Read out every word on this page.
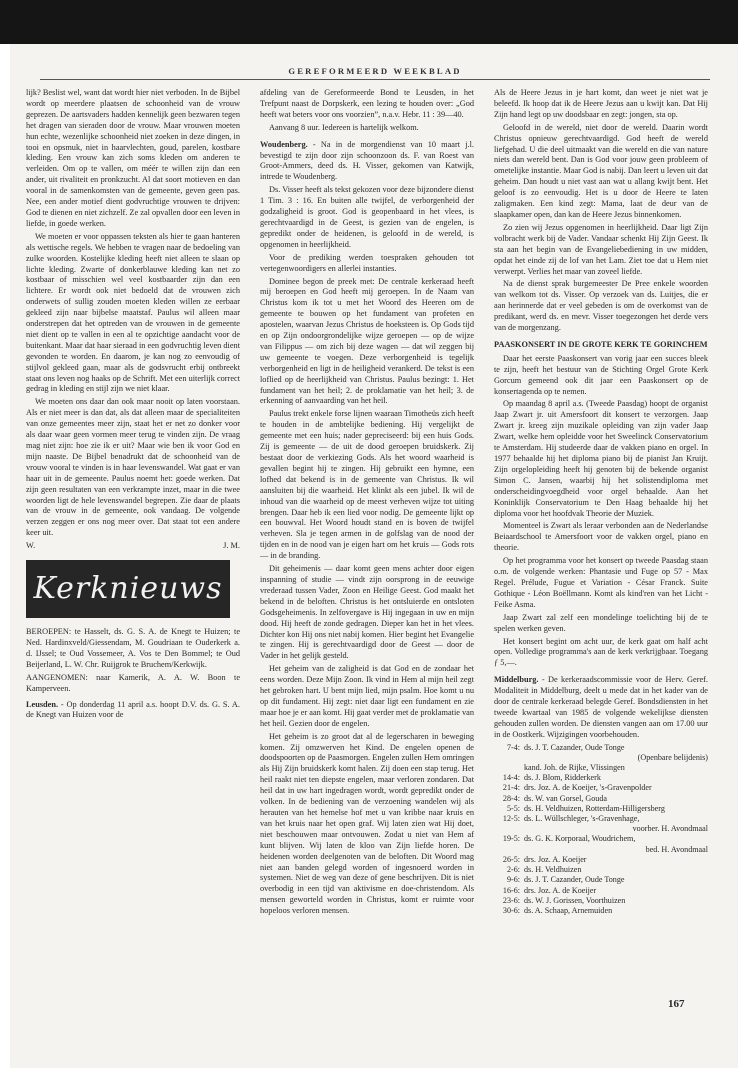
GEREFORMEERD WEEKBLAD

lijk? Beslist wel, want dat wordt hier niet verboden. In de Bijbel wordt op meerdere plaatsen de schoonheid van de vrouw geprezen. De aartsvaders hadden kennelijk geen bezwaren tegen het dragen van sieraden door de vrouw. Maar vrouwen moeten hun echte, wezenlijke schoonheid niet zoeken in deze dingen, in tooi en opsmuk, niet in haarvlechten, goud, parelen, kostbare kleding. Een vrouw kan zich soms kleden om anderen te verleiden. Om op te vallen, om méér te willen zijn dan een ander, uit rivaliteit en pronkzucht. Al dat soort motieven en dan vooral in de samenkomsten van de gemeente, geven geen pas. Nee, een ander motief dient godvruchtige vrouwen te drijven: God te dienen en niet zichzelf. Ze zal opvallen door een leven in liefde, in goede werken.

We moeten er voor oppassen teksten als hier te gaan hanteren als wettische regels. We hebben te vragen naar de bedoeling van zulke woorden. Kostelijke kleding heeft niet alleen te slaan op lichte kleding. Zwarte of donkerblauwe kleding kan net zo kostbaar of misschien wel veel kostbaarder zijn dan een lichtere. Er wordt ook niet bedoeld dat de vrouwen zich onderwets of sullig zouden moeten kleden willen ze eerbaar gekleed zijn naar bijbelse maatstaf. Paulus wil alleen maar onderstrepen dat het optreden van de vrouwen in de gemeente niet dient op te vallen in een al te opzichtige aandacht voor de buitenkant. Maar dat haar sieraad in een godvruchtig leven dient gevonden te worden. En daarom, je kan nog zo eenvoudig of stijlvol gekleed gaan, maar als de godsvrucht erbij ontbreekt staat ons leven nog haaks op de Schrift. Met een uiterlijk correct gedrag in kleding en stijl zijn we niet klaar.

We moeten ons daar dan ook maar nooit op laten voorstaan. Als er niet meer is dan dat, als dat alleen maar de specialiteiten van onze gemeentes meer zijn, staat het er net zo donker voor als daar waar geen vormen meer terug te vinden zijn. De vraag mag niet zijn: hoe zie ik er uit? Maar wie ben ik voor God en mijn naaste. De Bijbel benadrukt dat de schoonheid van de vrouw vooral te vinden is in haar levenswandel. Wat gaat er van haar uit in de gemeente. Paulus noemt het: goede werken. Dat zijn geen resultaten van een verkrampte inzet, maar in die twee woorden ligt de hele levenswandel begrepen. Zie daar de plaats van de vrouw in de gemeente, ook vandaag. De volgende verzen zeggen er ons nog meer over. Dat staat tot een andere keer uit.

W.	J. M.
Kerknieuws

BEROEPEN: te Hasselt, ds. G. S. A. de Knegt te Huizen; te Ned. Hardinxveld/Giessendam, M. Goudriaan te Ouderkerk a. d. IJssel; te Oud Vossemeer, A. Vos te Den Bommel; te Oud Beijerland, L. W. Chr. Ruijgrok te Bruchem/Kerkwijk.

AANGENOMEN: naar Kamerik, A. A. W. Boon te Kamperveen.

Leusden. - Op donderdag 11 april a.s. hoopt D.V. ds. G. S. A. de Knegt van Huizen voor de

afdeling van de Gereformeerde Bond te Leusden, in het Trefpunt naast de Dorpskerk, een lezing te houden over: „God heeft wat beters voor ons voorzien”, n.a.v. Hebr. 11 : 39—40.

Aanvang 8 uur. Iedereen is hartelijk welkom.

Woudenberg. - Na in de morgendienst van 10 maart j.l. bevestigd te zijn door zijn schoonzoon ds. F. van Roest van Groot-Ammers, deed ds. H. Visser, gekomen van Katwijk, intrede te Woudenberg.

Ds. Visser heeft als tekst gekozen voor deze bijzondere dienst 1 Tim. 3 : 16. En buiten alle twijfel, de verborgenheid der godzaligheid is groot. God is geopenbaard in het vlees, is gerechtvaardigd in de Geest, is gezien van de engelen, is gepredikt onder de heidenen, is geloofd in de wereld, is opgenomen in heerlijkheid.

Voor de prediking werden toespraken gehouden tot vertegenwoordigers en allerlei instanties.

Dominee begon de preek met: De centrale kerkeraad heeft mij beroepen en God heeft mij geroepen. In de Naam van Christus kom ik tot u met het Woord des Heeren om de gemeente te bouwen op het fundament van profeten en apostelen, waarvan Jezus Christus de hoeksteen is. Op Gods tijd en op Zijn ondoorgrondelijke wijze geroepen — op de wijze van Filippus — om zich bij deze wagen — dat wil zeggen bij uw gemeente te voegen. Deze verborgenheid is tegelijk verborgenheid en ligt in de heiligheid verankerd. De tekst is een loflied op de heerlijkheid van Christus. Paulus bezingt: 1. Het fundament van het heil; 2. de proklamatie van het heil; 3. de erkenning of aanvaarding van het heil.

Paulus trekt enkele forse lijnen waaraan Timotheüs zich heeft te houden in de ambtelijke bediening. Hij vergelijkt de gemeente met een huis; nader gepreciseerd: bij een huis Gods. Zij is gemeente — de uit de dood geroepen bruidskerk. Zij bestaat door de verkiezing Gods. Als het woord waarheid is gevallen begint hij te zingen. Hij gebruikt een hymne, een lofhed dat bekend is in de gemeente van Christus. Ik wil aansluiten bij die waarheid. Het klinkt als een jubel. Ik wil de inhoud van die waarheid op de meest verheven wijze tot uiting brengen. Daar heb ik een lied voor nodig. De gemeente lijkt op een bouwval. Het Woord houdt stand en is boven de twijfel verheven. Sla je tegen armen in de golfslag van de nood der tijden en in de nood van je eigen hart om het kruis — Gods rots — in de branding.

Dit geheimenis — daar komt geen mens achter door eigen inspanning of studie — vindt zijn oorsprong in de eeuwige vrederaad tussen Vader, Zoon en Heilige Geest. God maakt het bekend in de beloften. Christus is het ontsluierde en ontsloten Godsgeheimenis. In zelfovergave is Hij ingegaan in uw en mijn dood. Hij heeft de zonde gedragen. Dieper kan het in het vlees. Dichter kon Hij ons niet nabij komen. Hier begint het Evangelie te zingen. Hij is gerechtvaardigd door de Geest — door de Vader in het gelijk gesteld.

Het geheim van de zaligheid is dat God en de zondaar het eens worden. Deze Mijn Zoon. Ik vind in Hem al mijn heil zegt het gebroken hart. U bent mijn lied, mijn psalm. Hoe komt u nu op dit fundament. Hij zegt: niet daar ligt een fundament en zie maar hoe je er aan komt. Hij gaat verder met de proklamatie van het heil. Gezien door de engelen.

Het geheim is zo groot dat al de legerscharen in beweging komen. Zij omzwerven het Kind. De engelen openen de doodspoorten op de Paasmorgen. Engelen zullen Hem omringen als Hij Zijn bruidskerk komt halen. Zij doen een stap terug. Het heil raakt niet ten diepste engelen, maar verloren zondaren. Dat heil dat in uw hart ingedragen wordt, wordt gepredikt onder de volken. In de bediening van de verzoening wandelen wij als herauten van het hemelse hof met u van kribbe naar kruis en van het kruis naar het open graf. Wij laten zien wat Hij doet, niet beschouwen maar ontvouwen. Zodat u niet van Hem af kunt blijven. Wij laten de kloo van Zijn liefde horen. De heidenen worden deelgenoten van de beloften. Dit Woord mag niet aan banden gelegd worden of ingesnoerd worden in systemen. Niet de weg van deze of gene beschrijven. Dit is niet overbodig in een tijd van aktivisme en doe-christendom. Als mensen geworteld worden in Christus, komt er ruimte voor hopeloos verloren mensen.

Als de Heere Jezus in je hart komt, dan weet je niet wat je beleefd. Ik hoop dat ik de Heere Jezus aan u kwijt kan. Dat Hij Zijn hand legt op uw doodsbaar en zegt: jongen, sta op.

Geloofd in de wereld, niet door de wereld. Daarin wordt Christus opnieuw gerechtvaardigd. God heeft de wereld liefgehad. U die deel uitmaakt van die wereld en die van nature niets dan wereld bent. Dan is God voor jouw geen probleem of ometelijke instantie. Maar God is nabij. Dan leert u leven uit dat geheim. Dan houdt u niet vast aan wat u allang kwijt bent. Het geloof is zo eenvoudig. Het is u door de Heere te laten zaligmaken. Een kind zegt: Mama, laat de deur van de slaapkamer open, dan kan de Heere Jezus binnenkomen.

Zo zien wij Jezus opgenomen in heerlijkheid. Daar ligt Zijn volbracht werk bij de Vader. Vandaar schenkt Hij Zijn Geest. Ik sta aan het begin van de Evangeliebediening in uw midden, opdat het einde zij de lof van het Lam. Ziet toe dat u Hem niet verwerpt. Verlies het maar van zoveel liefde.

Na de dienst sprak burgemeester De Pree enkele woorden van welkom tot ds. Visser. Op verzoek van ds. Luitjes, die er aan herinnerde dat er veel gebeden is om de overkomst van de predikant, werd ds. en mevr. Visser toegezongen het derde vers van de morgenzang.

PAASKONSERT IN DE GROTE KERK TE GORINCHEM

Daar het eerste Paaskonsert van vorig jaar een succes bleek te zijn, heeft het bestuur van de Stichting Orgel Grote Kerk Gorcum gemeend ook dit jaar een Paaskonsert op de konsertagenda op te nemen.

Op maandag 8 april a.s. (Tweede Paasdag) hoopt de organist Jaap Zwart jr. uit Amersfoort dit konsert te verzorgen. Jaap Zwart jr. kreeg zijn muzikale opleiding van zijn vader Jaap Zwart, welke hem opleidde voor het Sweelinck Conservatorium te Amsterdam. Hij studeerde daar de vakken piano en orgel. In 1977 behaalde hij het diploma piano bij de pianist Jan Kruijt. Zijn orgelopleiding heeft hij genoten bij de bekende organist Simon C. Jansen, waarbij hij het solistendiploma met onderscheidingvoegdheid voor orgel behaalde. Aan het Koninklijk Conservatorium te Den Haag behaalde hij het diploma voor het hoofdvak Theorie der Muziek.

Momenteel is Zwart als leraar verbonden aan de Nederlandse Beiaardschool te Amersfoort voor de vakken orgel, piano en theorie.

Op het programma voor het konsert op tweede Paasdag staan o.m. de volgende werken: Phantasie und Fuge op 57 - Max Regel. Prélude, Fugue et Variation - César Franck. Suite Gothique - Léon Boëllmann. Komt als kind'ren van het Licht - Feike Asma.

Jaap Zwart zal zelf een mondelinge toelichting bij de te spelen werken geven.

Het konsert begint om acht uur, de kerk gaat om half acht open. Volledige programma's aan de kerk verkrijgbaar. Toegang ƒ 5,—.

Middelburg. - De kerkeraadscommissie voor de Herv. Geref. Modaliteit in Middelburg, deelt u mede dat in het kader van de door de centrale kerkeraad belegde Geref. Bondsdiensten in het tweede kwartaal van 1985 de volgende wekelijkse diensten gehouden zullen worden. De diensten vangen aan om 17.00 uur in de Oostkerk. Wijzigingen voorbehouden.

7-4:	ds. J. T. Cazander, Oude Tonge
	(Openbare belijdenis)
	kand. Joh. de Rijke, Vlissingen
14-4:	ds. J. Blom, Ridderkerk
21-4:	drs. Joz. A. de Koeijer, 's-Gravenpolder
28-4:	ds. W. van Gorsel, Gouda
5-5:	ds. H. Veldhuizen, Rotterdam-Hilligersberg
12-5:	ds. L. Wüllschleger, 's-Gravenhage,
	voorber. H. Avondmaal
19-5:	ds. G. K. Korporaal, Woudrichem,
	bed. H. Avondmaal
26-5:	drs. Joz. A. Koeijer
2-6:	ds. H. Veldhuizen
9-6:	ds. J. T. Cazander, Oude Tonge
16-6:	drs. Joz. A. de Koeijer
23-6:	ds. W. J. Gorissen, Voorthuizen
30-6:	ds. A. Schaap, Arnemuiden
167
